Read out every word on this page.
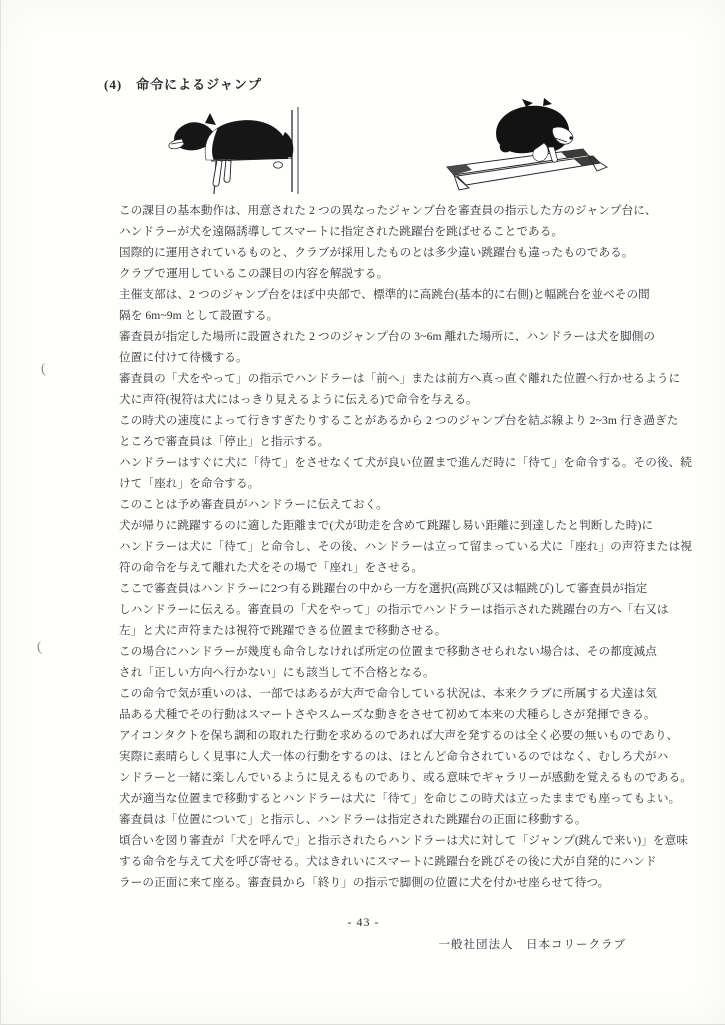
(4)　命令によるジャンプ
この課目の基本動作は、用意された 2 つの異なったジャンプ台を審査員の指示した方のジャンプ台に、
ハンドラーが犬を遠隔誘導してスマートに指定された跳躍台を跳ばせることである。
国際的に運用されているものと、クラブが採用したものとは多少違い跳躍台も違ったものである。
クラブで運用しているこの課目の内容を解説する。
主催支部は、2 つのジャンプ台をほぼ中央部で、標準的に高跳台(基本的に右側)と幅跳台を並べその間
隔を 6m~9m として設置する。
審査員が指定した場所に設置された 2 つのジャンプ台の 3~6m 離れた場所に、ハンドラーは犬を脚側の
位置に付けて待機する。
審査員の「犬をやって」の指示でハンドラーは「前へ」または前方へ真っ直ぐ離れた位置へ行かせるように
犬に声符(視符は犬にはっきり見えるように伝える)で命令を与える。
この時犬の速度によって行きすぎたりすることがあるから 2 つのジャンプ台を結ぶ線より 2~3m 行き過ぎた
ところで審査員は「停止」と指示する。
ハンドラーはすぐに犬に「待て」をさせなくて犬が良い位置まで進んだ時に「待て」を命令する。その後、続
けて「座れ」を命令する。
このことは予め審査員がハンドラーに伝えておく。
犬が帰りに跳躍するのに適した距離まで(犬が助走を含めて跳躍し易い距離に到達したと判断した時)に
ハンドラーは犬に「待て」と命令し、その後、ハンドラーは立って留まっている犬に「座れ」の声符または視
符の命令を与えて離れた犬をその場で「座れ」をさせる。
ここで審査員はハンドラーに2つ有る跳躍台の中から一方を選択(高跳び又は幅跳び)して審査員が指定
しハンドラーに伝える。審査員の「犬をやって」の指示でハンドラーは指示された跳躍台の方へ「右又は
左」と犬に声符または視符で跳躍できる位置まで移動させる。
この場合にハンドラーが幾度も命令しなければ所定の位置まで移動させられない場合は、その都度減点
され「正しい方向へ行かない」にも該当して不合格となる。
この命令で気が重いのは、一部ではあるが大声で命令している状況は、本来クラブに所属する犬達は気
品ある犬種でその行動はスマートさやスムーズな動きをさせて初めて本来の犬種らしさが発揮できる。
アイコンタクトを保ち調和の取れた行動を求めるのであれば大声を発するのは全く必要の無いものであり、
実際に素晴らしく見事に人犬一体の行動をするのは、ほとんど命令されているのではなく、むしろ犬がハ
ンドラーと一緒に楽しんでいるように見えるものであり、或る意味でギャラリーが感動を覚えるものである。
犬が適当な位置まで移動するとハンドラーは犬に「待て」を命じこの時犬は立ったままでも座ってもよい。
審査員は「位置について」と指示し、ハンドラーは指定された跳躍台の正面に移動する。
頃合いを図り審査が「犬を呼んで」と指示されたらハンドラーは犬に対して「ジャンプ(跳んで来い)」を意味
する命令を与えて犬を呼び寄せる。犬はきれいにスマートに跳躍台を跳びその後に犬が自発的にハンド
ラーの正面に来て座る。審査員から「終り」の指示で脚側の位置に犬を付かせ座らせて待つ。
(
(
- 43 -
一般社団法人　日本コリークラブ
